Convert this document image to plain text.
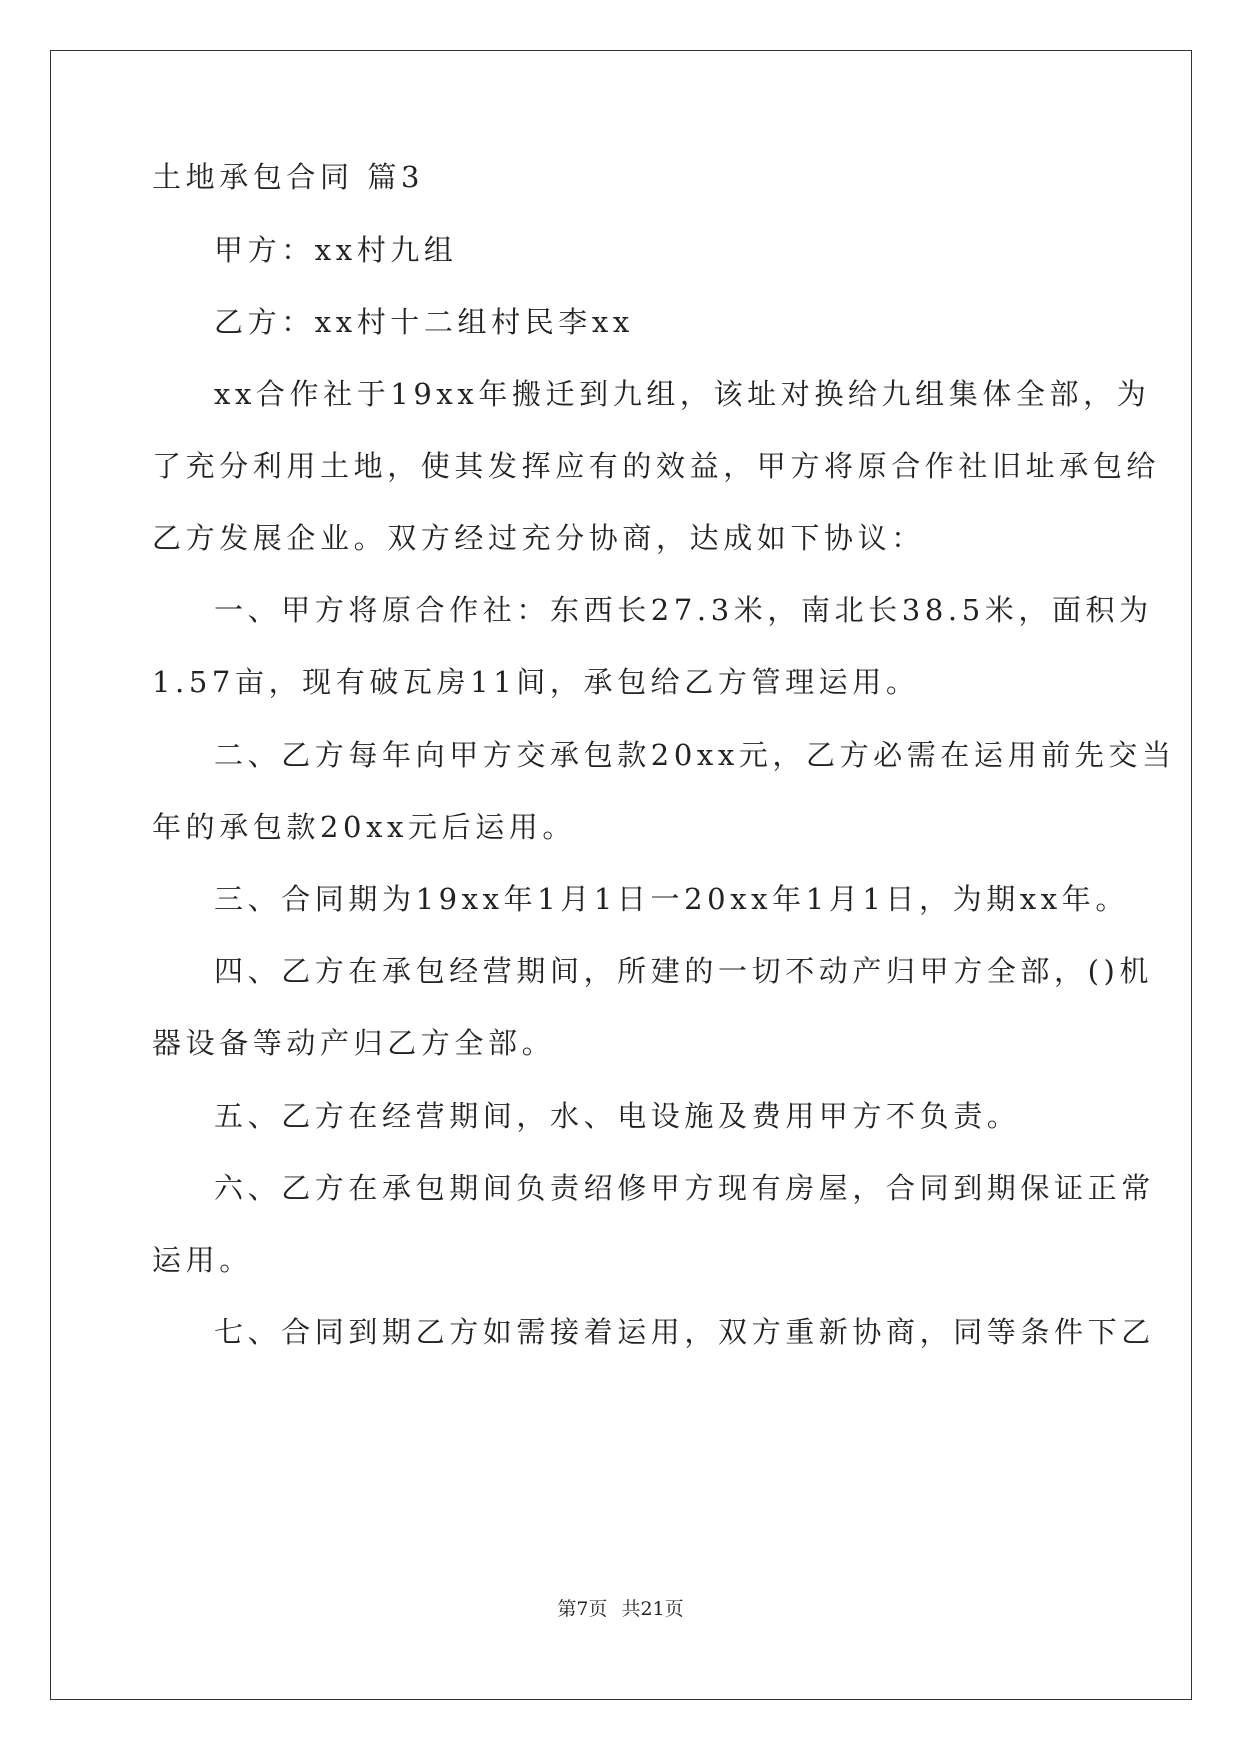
土地承包合同 篇3
甲方：xx村九组
乙方：xx村十二组村民李xx
xx合作社于19xx年搬迁到九组，该址对换给九组集体全部，为
了充分利用土地，使其发挥应有的效益，甲方将原合作社旧址承包给
乙方发展企业。双方经过充分协商，达成如下协议：
一、甲方将原合作社：东西长27.3米，南北长38.5米，面积为
1.57亩，现有破瓦房11间，承包给乙方管理运用。
二、乙方每年向甲方交承包款20xx元，乙方必需在运用前先交当
年的承包款20xx元后运用。
三、合同期为19xx年1月1日一20xx年1月1日，为期xx年。
四、乙方在承包经营期间，所建的一切不动产归甲方全部，()机
器设备等动产归乙方全部。
五、乙方在经营期间，水、电设施及费用甲方不负责。
六、乙方在承包期间负责绍修甲方现有房屋，合同到期保证正常
运用。
七、合同到期乙方如需接着运用，双方重新协商，同等条件下乙
第7页 共21页
